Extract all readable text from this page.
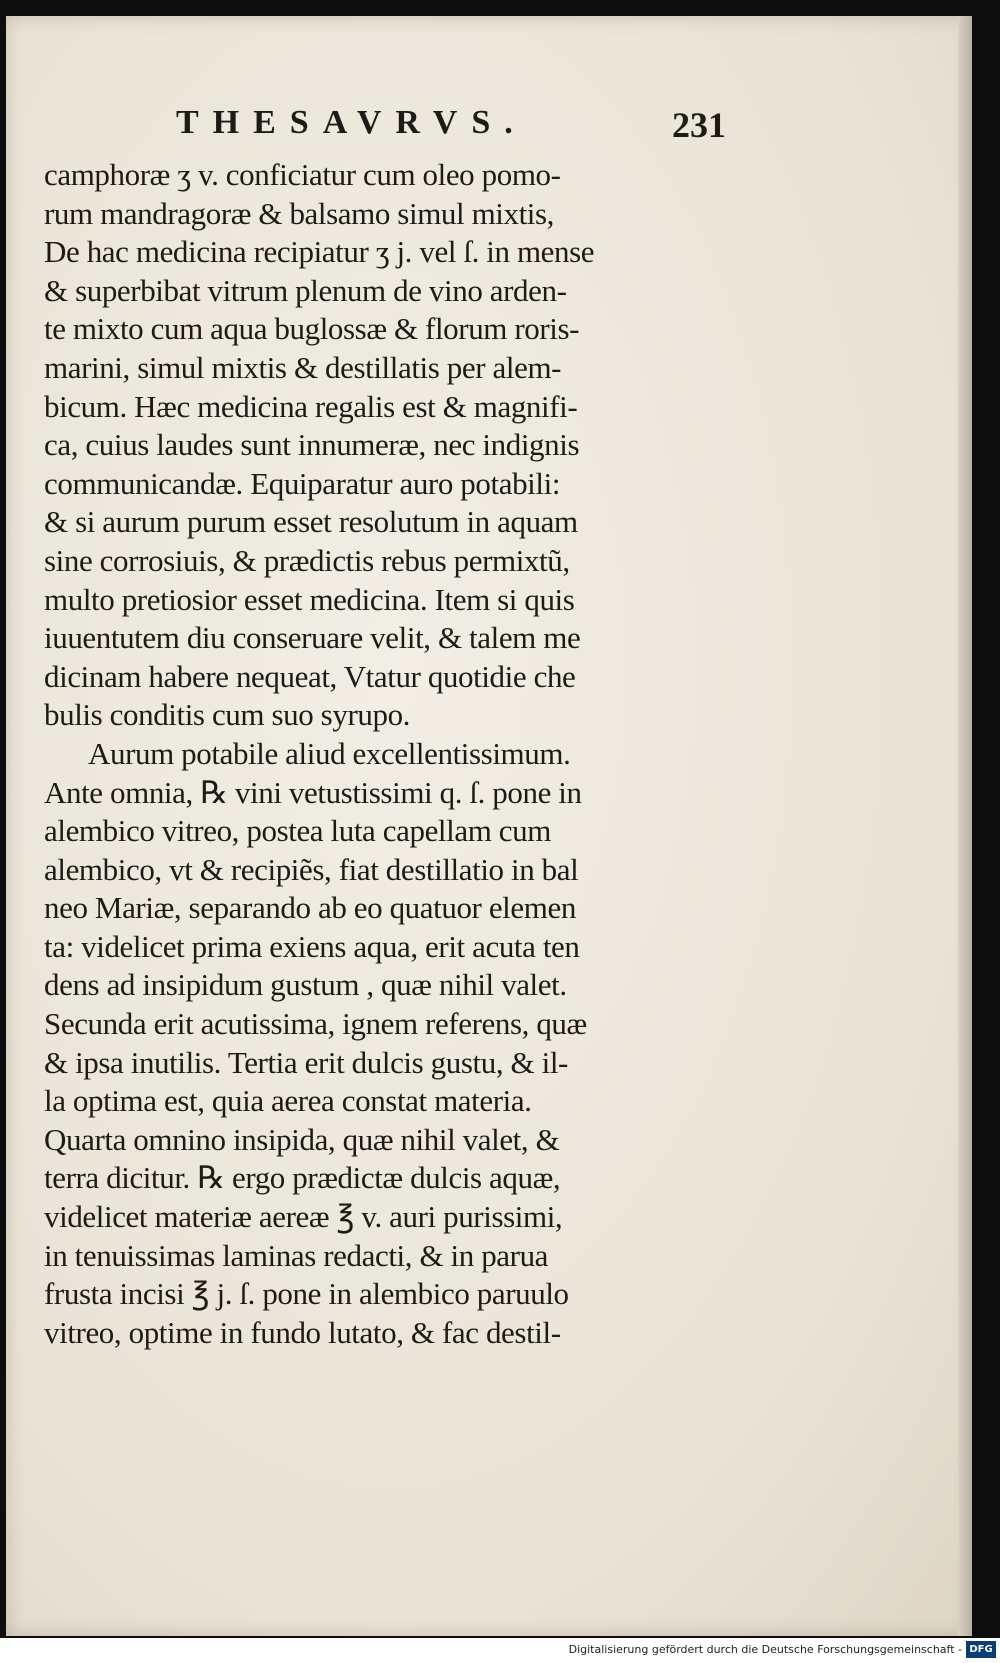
THESAVRVS.	231
camphoræ ʒ v. conficiatur cum oleo pomo-
rum mandragoræ & balsamo simul mixtis,
De hac medicina recipiatur ʒ j. vel ſ. in mense
& superbibat vitrum plenum de vino arden-
te mixto cum aqua buglossæ & florum roris-
marini, simul mixtis & destillatis per alem-
bicum. Hæc medicina regalis est & magnifi-
ca, cuius laudes sunt innumeræ, nec indignis
communicandæ. Equiparatur auro potabili:
& si aurum purum esset resolutum in aquam
sine corrosiuis, & prædictis rebus permixtũ,
multo pretiosior esset medicina. Item si quis
iuuentutem diu conseruare velit, & talem me
dicinam habere nequeat, Vtatur quotidie che
bulis conditis cum suo syrupo.
Aurum potabile aliud excellentissimum.
Ante omnia, ℞ vini vetustissimi q. ſ. pone in
alembico vitreo, postea luta capellam cum
alembico, vt & recipiẽs, fiat destillatio in bal
neo Mariæ, separando ab eo quatuor elemen
ta: videlicet prima exiens aqua, erit acuta ten
dens ad insipidum gustum , quæ nihil valet.
Secunda erit acutissima, ignem referens, quæ
& ipsa inutilis. Tertia erit dulcis gustu, & il-
la optima est, quia aerea constat materia.
Quarta omnino insipida, quæ nihil valet, &
terra dicitur. ℞ ergo prædictæ dulcis aquæ,
videlicet materiæ aereæ ℥ v. auri purissimi,
in tenuissimas laminas redacti, & in parua
frusta incisi ℥ j. ſ. pone in alembico paruulo
vitreo, optime in fundo lutato, & fac destil-
Digitalisierung gefördert durch die Deutsche Forschungsgemeinschaft - DFG
